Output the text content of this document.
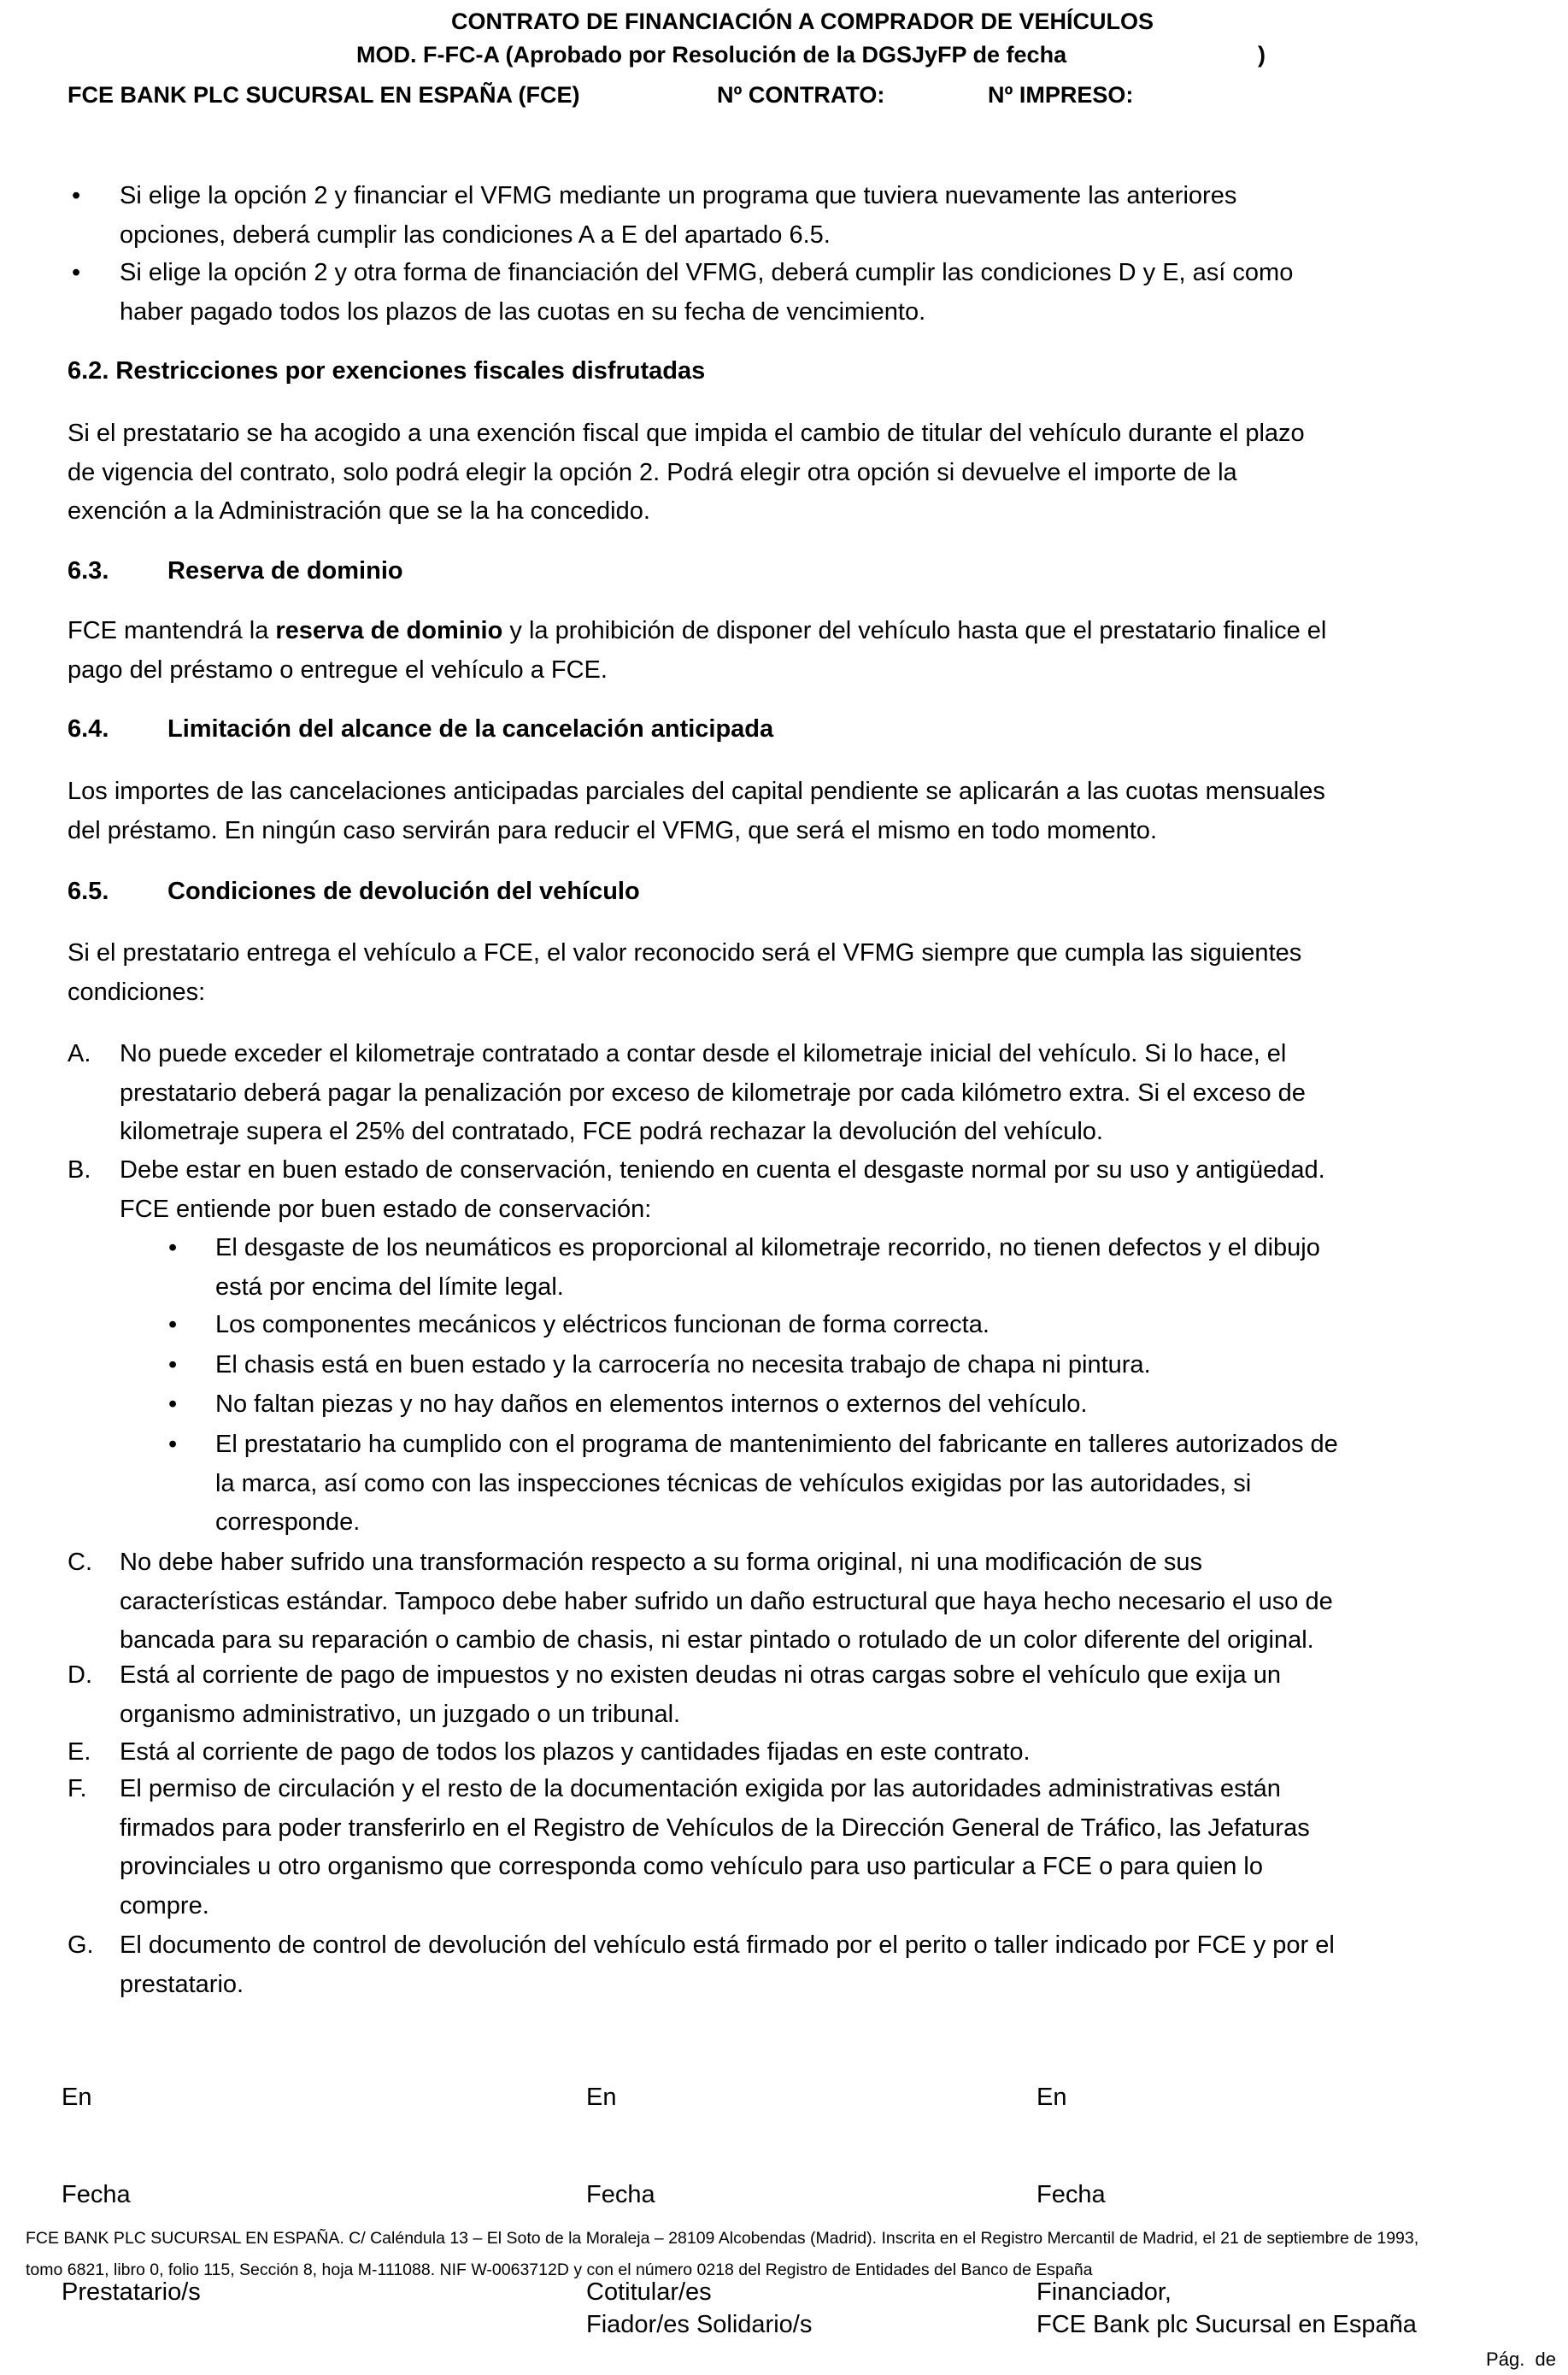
CONTRATO DE FINANCIACIÓN A COMPRADOR DE VEHÍCULOS
MOD. F-FC-A (Aprobado por Resolución de la DGSJyFP de fecha	)
FCE BANK PLC SUCURSAL EN ESPAÑA (FCE)	Nº CONTRATO:	Nº IMPRESO:
• Si elige la opción 2 y financiar el VFMG mediante un programa que tuviera nuevamente las anteriores
opciones, deberá cumplir las condiciones A a E del apartado 6.5.
• Si elige la opción 2 y otra forma de financiación del VFMG, deberá cumplir las condiciones D y E, así como
haber pagado todos los plazos de las cuotas en su fecha de vencimiento.
6.2. Restricciones por exenciones fiscales disfrutadas
Si el prestatario se ha acogido a una exención fiscal que impida el cambio de titular del vehículo durante el plazo
de vigencia del contrato, solo podrá elegir la opción 2. Podrá elegir otra opción si devuelve el importe de la
exención a la Administración que se la ha concedido.
6.3.	Reserva de dominio
FCE mantendrá la reserva de dominio y la prohibición de disponer del vehículo hasta que el prestatario finalice el
pago del préstamo o entregue el vehículo a FCE.
6.4.	Limitación del alcance de la cancelación anticipada
Los importes de las cancelaciones anticipadas parciales del capital pendiente se aplicarán a las cuotas mensuales
del préstamo. En ningún caso servirán para reducir el VFMG, que será el mismo en todo momento.
6.5.	Condiciones de devolución del vehículo
Si el prestatario entrega el vehículo a FCE, el valor reconocido será el VFMG siempre que cumpla las siguientes
condiciones:
A. No puede exceder el kilometraje contratado a contar desde el kilometraje inicial del vehículo. Si lo hace, el
prestatario deberá pagar la penalización por exceso de kilometraje por cada kilómetro extra. Si el exceso de
kilometraje supera el 25% del contratado, FCE podrá rechazar la devolución del vehículo.
B. Debe estar en buen estado de conservación, teniendo en cuenta el desgaste normal por su uso y antigüedad.
FCE entiende por buen estado de conservación:
• El desgaste de los neumáticos es proporcional al kilometraje recorrido, no tienen defectos y el dibujo
está por encima del límite legal.
• Los componentes mecánicos y eléctricos funcionan de forma correcta.
• El chasis está en buen estado y la carrocería no necesita trabajo de chapa ni pintura.
• No faltan piezas y no hay daños en elementos internos o externos del vehículo.
• El prestatario ha cumplido con el programa de mantenimiento del fabricante en talleres autorizados de
la marca, así como con las inspecciones técnicas de vehículos exigidas por las autoridades, si
corresponde.
C. No debe haber sufrido una transformación respecto a su forma original, ni una modificación de sus
características estándar. Tampoco debe haber sufrido un daño estructural que haya hecho necesario el uso de
bancada para su reparación o cambio de chasis, ni estar pintado o rotulado de un color diferente del original.
D. Está al corriente de pago de impuestos y no existen deudas ni otras cargas sobre el vehículo que exija un
organismo administrativo, un juzgado o un tribunal.
E. Está al corriente de pago de todos los plazos y cantidades fijadas en este contrato.
F. El permiso de circulación y el resto de la documentación exigida por las autoridades administrativas están
firmados para poder transferirlo en el Registro de Vehículos de la Dirección General de Tráfico, las Jefaturas
provinciales u otro organismo que corresponda como vehículo para uso particular a FCE o para quien lo
compre.
G. El documento de control de devolución del vehículo está firmado por el perito o taller indicado por FCE y por el
prestatario.

En

Fecha

Prestatario/s

En

Fecha

Cotitular/es
Fiador/es Solidario/s

En

Fecha

Financiador,
FCE Bank plc Sucursal en España

FCE BANK PLC SUCURSAL EN ESPAÑA. C/ Caléndula 13 – El Soto de la Moraleja – 28109 Alcobendas (Madrid). Inscrita en el Registro Mercantil de Madrid, el 21 de septiembre de 1993,
tomo 6821, libro 0, folio 115, Sección 8, hoja M-111088. NIF W-0063712D y con el número 0218 del Registro de Entidades del Banco de España
Pág.  de
